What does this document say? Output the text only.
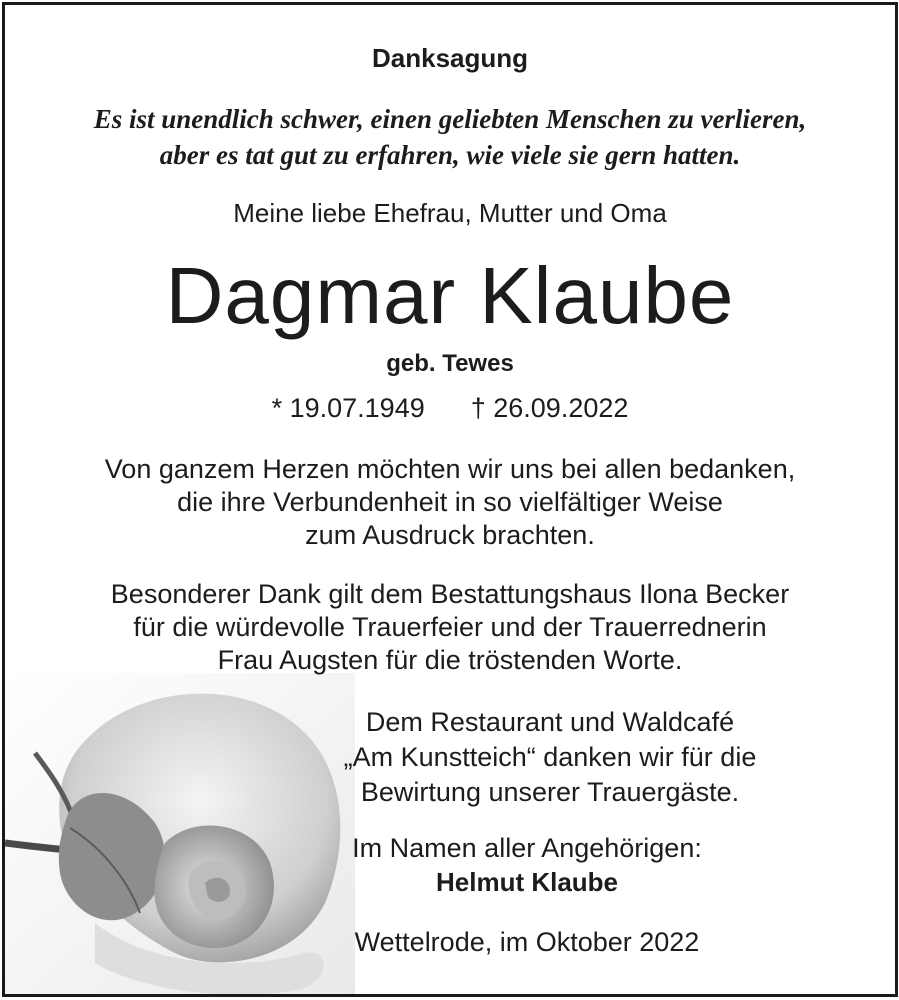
Danksagung
Es ist unendlich schwer, einen geliebten Menschen zu verlieren,
aber es tat gut zu erfahren, wie viele sie gern hatten.
Meine liebe Ehefrau, Mutter und Oma
Dagmar Klaube
geb. Tewes
* 19.07.1949 † 26.09.2022
Von ganzem Herzen möchten wir uns bei allen bedanken,
die ihre Verbundenheit in so vielfältiger Weise
zum Ausdruck brachten.
Besonderer Dank gilt dem Bestattungshaus Ilona Becker
für die würdevolle Trauerfeier und der Trauerrednerin
Frau Augsten für die tröstenden Worte.
Dem Restaurant und Waldcafé
„Am Kunstteich“ danken wir für die
Bewirtung unserer Trauergäste.
Im Namen aller Angehörigen:
Helmut Klaube
Wettelrode, im Oktober 2022
